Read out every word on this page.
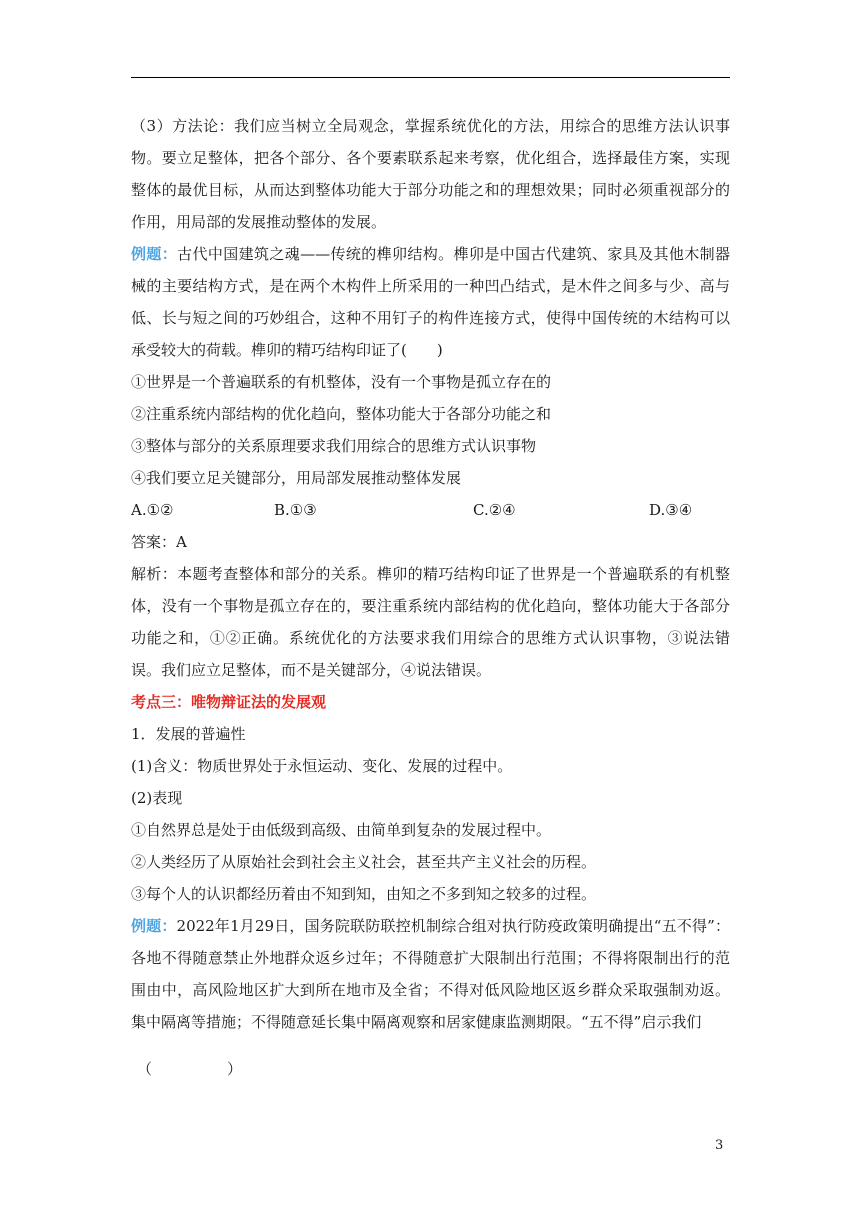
（3）方法论：我们应当树立全局观念，掌握系统优化的方法，用综合的思维方法认识事物。要立足整体，把各个部分、各个要素联系起来考察，优化组合，选择最佳方案，实现整体的最优目标，从而达到整体功能大于部分功能之和的理想效果；同时必须重视部分的作用，用局部的发展推动整体的发展。

例题：古代中国建筑之魂——传统的榫卯结构。榫卯是中国古代建筑、家具及其他木制器械的主要结构方式，是在两个木构件上所采用的一种凹凸结式，是木件之间多与少、高与低、长与短之间的巧妙组合，这种不用钉子的构件连接方式，使得中国传统的木结构可以承受较大的荷载。榫卯的精巧结构印证了(　　)

①世界是一个普遍联系的有机整体，没有一个事物是孤立存在的

②注重系统内部结构的优化趋向，整体功能大于各部分功能之和

③整体与部分的关系原理要求我们用综合的思维方式认识事物

④我们要立足关键部分，用局部发展推动整体发展

A.①②	B.①③	C.②④	D.③④

答案：A

解析：本题考查整体和部分的关系。榫卯的精巧结构印证了世界是一个普遍联系的有机整体，没有一个事物是孤立存在的，要注重系统内部结构的优化趋向，整体功能大于各部分功能之和，①②正确。系统优化的方法要求我们用综合的思维方式认识事物，③说法错误。我们应立足整体，而不是关键部分，④说法错误。

考点三：唯物辩证法的发展观

1．发展的普遍性

(1)含义：物质世界处于永恒运动、变化、发展的过程中。

(2)表现

①自然界总是处于由低级到高级、由简单到复杂的发展过程中。

②人类经历了从原始社会到社会主义社会，甚至共产主义社会的历程。

③每个人的认识都经历着由不知到知，由知之不多到知之较多的过程。

例题：2022年1月29日，国务院联防联控机制综合组对执行防疫政策明确提出“五不得”：各地不得随意禁止外地群众返乡过年；不得随意扩大限制出行范围；不得将限制出行的范围由中，高风险地区扩大到所在地市及全省；不得对低风险地区返乡群众采取强制劝返。集中隔离等措施；不得随意延长集中隔离观察和居家健康监测期限。“五不得”启示我们

（　　　　　）

3
